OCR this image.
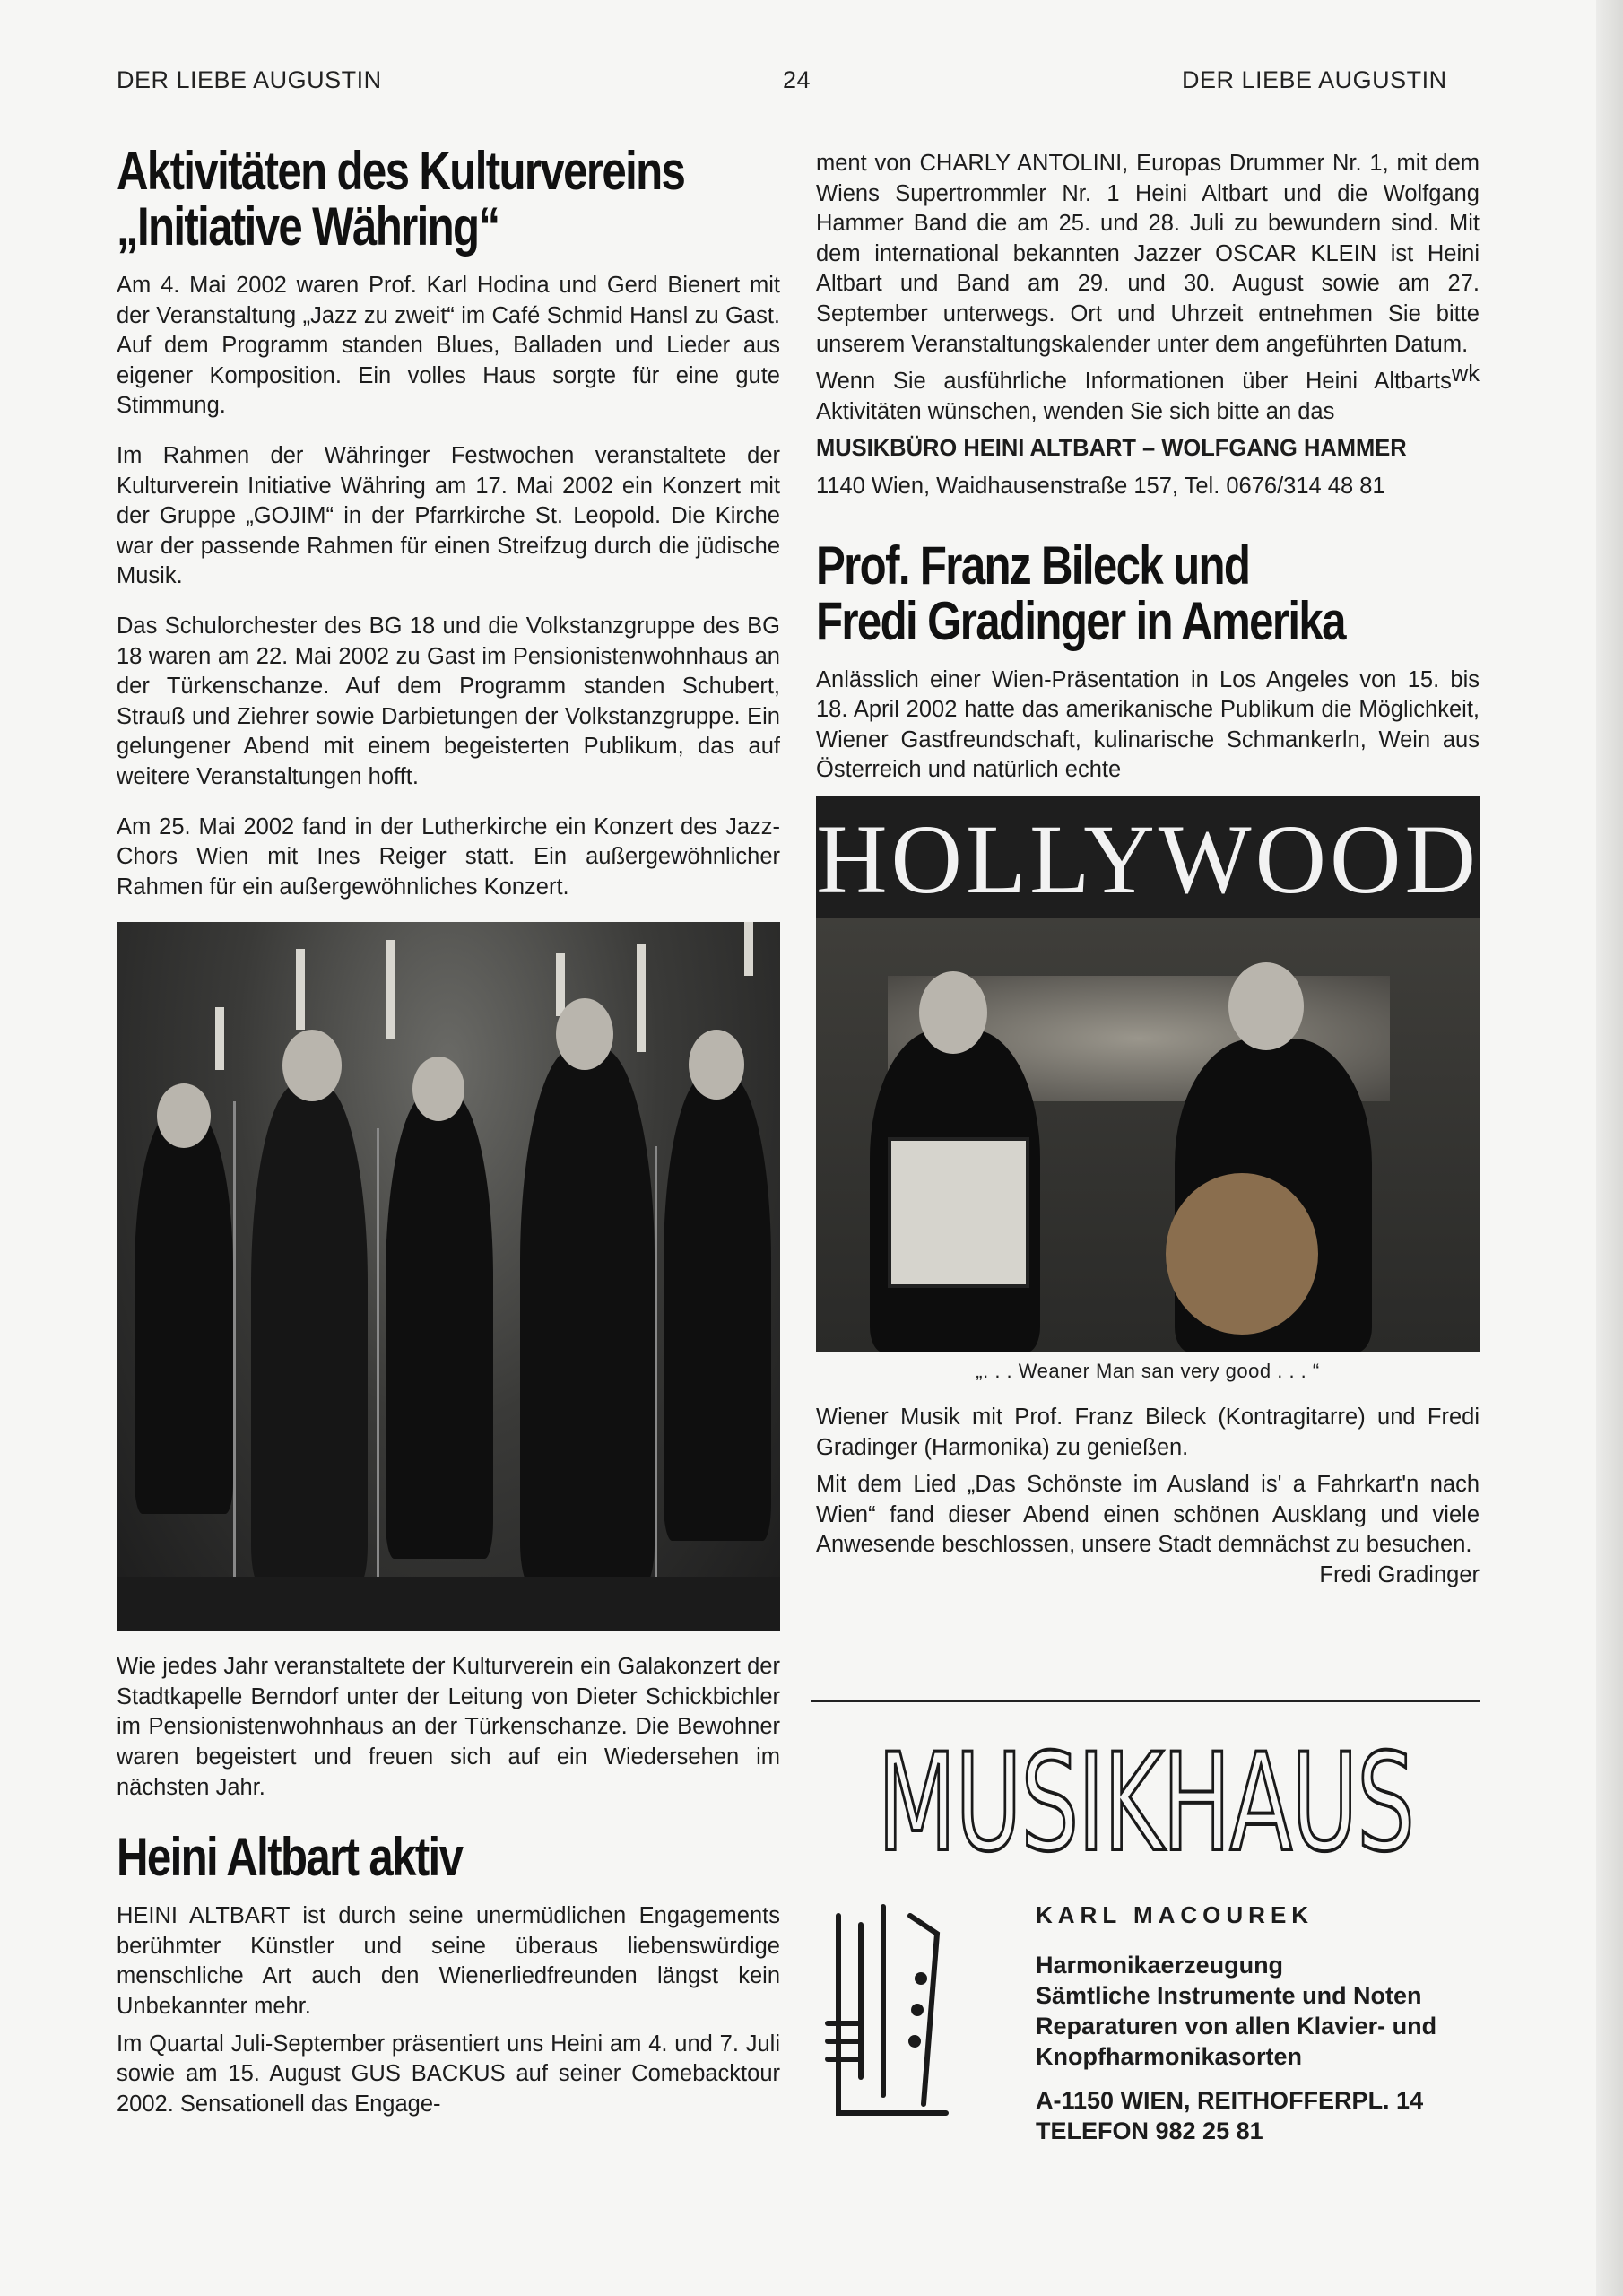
DER LIEBE AUGUSTIN	24	DER LIEBE AUGUSTIN
Aktivitäten des Kulturvereins
„Initiative Währing“

Am 4. Mai 2002 waren Prof. Karl Hodina und Gerd Bienert mit der Veranstaltung „Jazz zu zweit“ im Café Schmid Hansl zu Gast. Auf dem Programm standen Blues, Balladen und Lieder aus eigener Komposition. Ein volles Haus sorgte für eine gute Stimmung.

Im Rahmen der Währinger Festwochen veranstaltete der Kulturverein Initiative Währing am 17. Mai 2002 ein Konzert mit der Gruppe „GOJIM“ in der Pfarrkirche St. Leopold. Die Kirche war der passende Rahmen für einen Streifzug durch die jüdische Musik.

Das Schulorchester des BG 18 und die Volkstanzgruppe des BG 18 waren am 22. Mai 2002 zu Gast im Pensionistenwohnhaus an der Türkenschanze. Auf dem Programm standen Schubert, Strauß und Ziehrer sowie Darbietungen der Volkstanzgruppe. Ein gelungener Abend mit einem begeisterten Publikum, das auf weitere Veranstaltungen hofft.

Am 25. Mai 2002 fand in der Lutherkirche ein Konzert des Jazz-Chors Wien mit Ines Reiger statt. Ein außergewöhnlicher Rahmen für ein außergewöhnliches Konzert.

Wie jedes Jahr veranstaltete der Kulturverein ein Galakonzert der Stadtkapelle Berndorf unter der Leitung von Dieter Schickbichler im Pensionistenwohnhaus an der Türkenschanze. Die Bewohner waren begeistert und freuen sich auf ein Wiedersehen im nächsten Jahr.

Heini Altbart aktiv

HEINI ALTBART ist durch seine unermüdlichen Engagements berühmter Künstler und seine überaus liebenswürdige menschliche Art auch den Wienerliedfreunden längst kein Unbekannter mehr.

Im Quartal Juli-September präsentiert uns Heini am 4. und 7. Juli sowie am 15. August GUS BACKUS auf seiner Comebacktour 2002. Sensationell das Engage-

ment von CHARLY ANTOLINI, Europas Drummer Nr. 1, mit dem Wiens Supertrommler Nr. 1 Heini Altbart und die Wolfgang Hammer Band die am 25. und 28. Juli zu bewundern sind. Mit dem international bekannten Jazzer OSCAR KLEIN ist Heini Altbart und Band am 29. und 30. August sowie am 27. September unterwegs. Ort und Uhrzeit entnehmen Sie bitte unserem Veranstaltungskalender unter dem angeführten Datum.
wk

Wenn Sie ausführliche Informationen über Heini Altbarts Aktivitäten wünschen, wenden Sie sich bitte an das

MUSIKBÜRO HEINI ALTBART – WOLFGANG HAMMER

1140 Wien, Waidhausenstraße 157, Tel. 0676/314 48 81

Prof. Franz Bileck und
Fredi Gradinger in Amerika

Anlässlich einer Wien-Präsentation in Los Angeles von 15. bis 18. April 2002 hatte das amerikanische Publikum die Möglichkeit, Wiener Gastfreundschaft, kulinarische Schmankerln, Wein aus Österreich und natürlich echte

HOLLYWOOD
„. . . Weaner Man san very good . . . “

Wiener Musik mit Prof. Franz Bileck (Kontragitarre) und Fredi Gradinger (Harmonika) zu genießen.

Mit dem Lied „Das Schönste im Ausland is' a Fahrkart'n nach Wien“ fand dieser Abend einen schönen Ausklang und viele Anwesende beschlossen, unsere Stadt demnächst zu besuchen.
Fredi Gradinger

MUSIKHAUS
KARL MACOUREK
Harmonikaerzeugung
Sämtliche Instrumente und Noten
Reparaturen von allen Klavier- und Knopfharmonikasorten
A-1150 WIEN, REITHOFFERPL. 14
TELEFON 982 25 81
